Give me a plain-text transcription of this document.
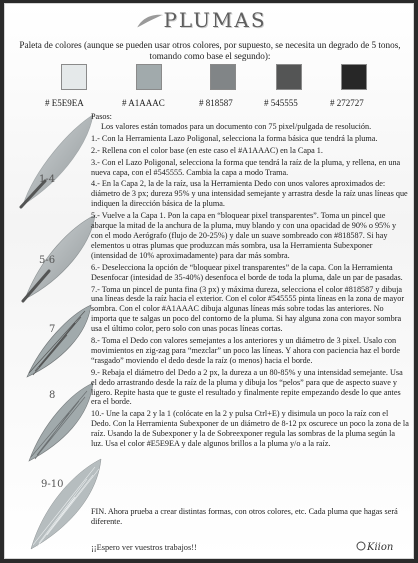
PLUMAS
Paleta de colores (aunque se pueden usar otros colores, por supuesto, se necesita un degrado de 5 tonos,
tomando como base el segundo):
# E5E9EA	# A1AAAC	# 818587	# 545555	# 272727
1-4
5-6
7
8
9-10

Pasos:

Los valores están tomados para un documento con 75 pixel/pulgada de resolución.

1.- Con la Herramienta Lazo Poligonal, selecciona la forma básica que tendrá la pluma.

2.- Rellena con el color base (en este caso el #A1AAAC) en la Capa 1.

3.- Con el Lazo Poligonal, selecciona la forma que tendrá la raíz de la pluma, y rellena, en una nueva capa, con el #545555. Cambia la capa a modo Trama.

4.- En la Capa 2, la de la raíz, usa la Herramienta Dedo con unos valores aproximados de: diámetro de 3 px; dureza 95% y una intensidad semejante y arrastra desde la raíz unas líneas que indiquen la dirección básica de la pluma.

5.- Vuelve a la Capa 1. Pon la capa en “bloquear pixel transparentes”. Toma un pincel que abarque la mitad de la anchura de la pluma, muy blando y con una opacidad de 90% o 95% y con el modo Aerógrafo (flujo de 20-25%) y dale un suave sombreado con #818587. Si hay elementos u otras plumas que produzcan más sombra, usa la Herramienta Subexponer (intensidad de 10% aproximadamente) para dar más sombra.

6.- Deselecciona la opción de “bloquear pixel transparentes” de la capa. Con la Herramienta Desenfocar (intesidad de 35-40%) desenfoca el borde de toda la pluma, dale un par de pasadas.

7.- Toma un pincel de punta fina (3 px) y máxima dureza, selecciona el color #818587 y dibuja una líneas desde la raíz hacia el exterior. Con el color #545555 pinta líneas en la zona de mayor sombra. Con el color #A1AAAC dibuja algunas líneas más sobre todas las anteriores. No importa que te salgas un poco del contorno de la pluma. Si hay alguna zona con mayor sombra usa el último color, pero solo con unas pocas líneas cortas.

8.- Toma el Dedo con valores semejantes a los anteriores y un diámetro de 3 pixel. Usalo con movimientos en zig-zag para “mezclar” un poco las líneas. Y ahora con paciencia haz el borde “rasgado” moviendo el dedo desde la raíz (o menos) hacia el borde.

9.- Rebaja el diámetro del Dedo a 2 px, la dureza a un 80-85% y una intensidad semejante. Usa el dedo arrastrando desde la raíz de la pluma y dibuja los “pelos” para que de aspecto suave y ligero. Repite hasta que te guste el resultado y finalmente repite empezando desde lo que antes era el borde.

10.- Une la capa 2 y la 1 (colócate en la 2 y pulsa Ctrl+E) y disimula un poco la raíz con el Dedo. Con la Herramienta Subexponer de un diámetro de 8-12 px oscurece un poco la zona de la raíz. Usando la de Subexponer y la de Sobreexponer regula las sombras de la pluma según la luz. Usa el color #E5E9EA y dale algunos brillos a la pluma y/o a la raíz.

FIN. Ahora prueba a crear distintas formas, con otros colores, etc. Cada pluma que hagas será diferente.
¡¡Espero ver vuestros trabajos!!	Kiion
